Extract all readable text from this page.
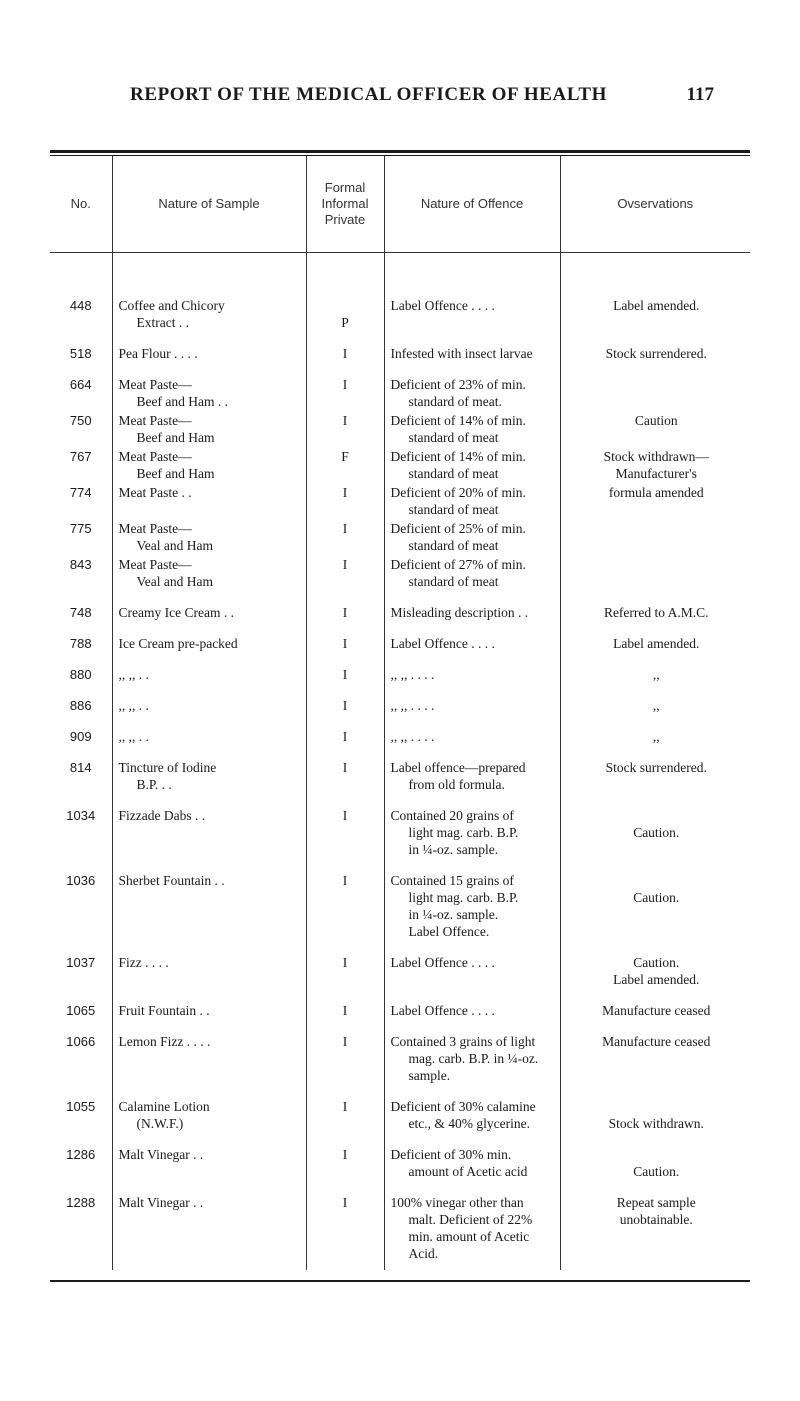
REPORT OF THE MEDICAL OFFICER OF HEALTH	117
No.	Nature of Sample	Formal
Informal
Private	Nature of Offence	Ovservations
448	Coffee and Chicory
Extract . .	P	Label Offence . . . .	Label amended.

518	Pea Flour . . . .	I	Infested with insect larvae	Stock surrendered.

664	Meat Paste—
Beef and Ham . .	I	Deficient of 23% of min.
standard of meat.	

750	Meat Paste—
Beef and Ham	I	Deficient of 14% of min.
standard of meat	Caution

767	Meat Paste—
Beef and Ham	F	Deficient of 14% of min.
standard of meat	Stock withdrawn—
Manufacturer's

774	Meat Paste . .	I	Deficient of 20% of min.
standard of meat	formula amended

775	Meat Paste—
Veal and Ham	I	Deficient of 25% of min.
standard of meat	

843	Meat Paste—
Veal and Ham	I	Deficient of 27% of min.
standard of meat	

748	Creamy Ice Cream . .	I	Misleading description . .	Referred to A.M.C.

788	Ice Cream pre-packed	I	Label Offence . . . .	Label amended.

880	,, ,, . .	I	,, ,, . . . .	,,

886	,, ,, . .	I	,, ,, . . . .	,,

909	,, ,, . .	I	,, ,, . . . .	,,

814	Tincture of Iodine
B.P. . .	I	Label offence—prepared
from old formula.	Stock surrendered.

1034	Fizzade Dabs . .	I	Contained 20 grains of
light mag. carb. B.P.
in ¼-oz. sample.	Caution.

1036	Sherbet Fountain . .	I	Contained 15 grains of
light mag. carb. B.P.
in ¼-oz. sample.
Label Offence.	Caution.

1037	Fizz . . . .	I	Label Offence . . . .	Caution.
Label amended.

1065	Fruit Fountain . .	I	Label Offence . . . .	Manufacture ceased

1066	Lemon Fizz . . . .	I	Contained 3 grains of light
mag. carb. B.P. in ¼-oz.
sample.	Manufacture ceased

1055	Calamine Lotion
(N.W.F.)	I	Deficient of 30% calamine
etc., & 40% glycerine.	Stock withdrawn.

1286	Malt Vinegar . .	I	Deficient of 30% min.
amount of Acetic acid	Caution.

1288	Malt Vinegar . .	I	100% vinegar other than
malt. Deficient of 22%
min. amount of Acetic
Acid.	Repeat sample
unobtainable.
